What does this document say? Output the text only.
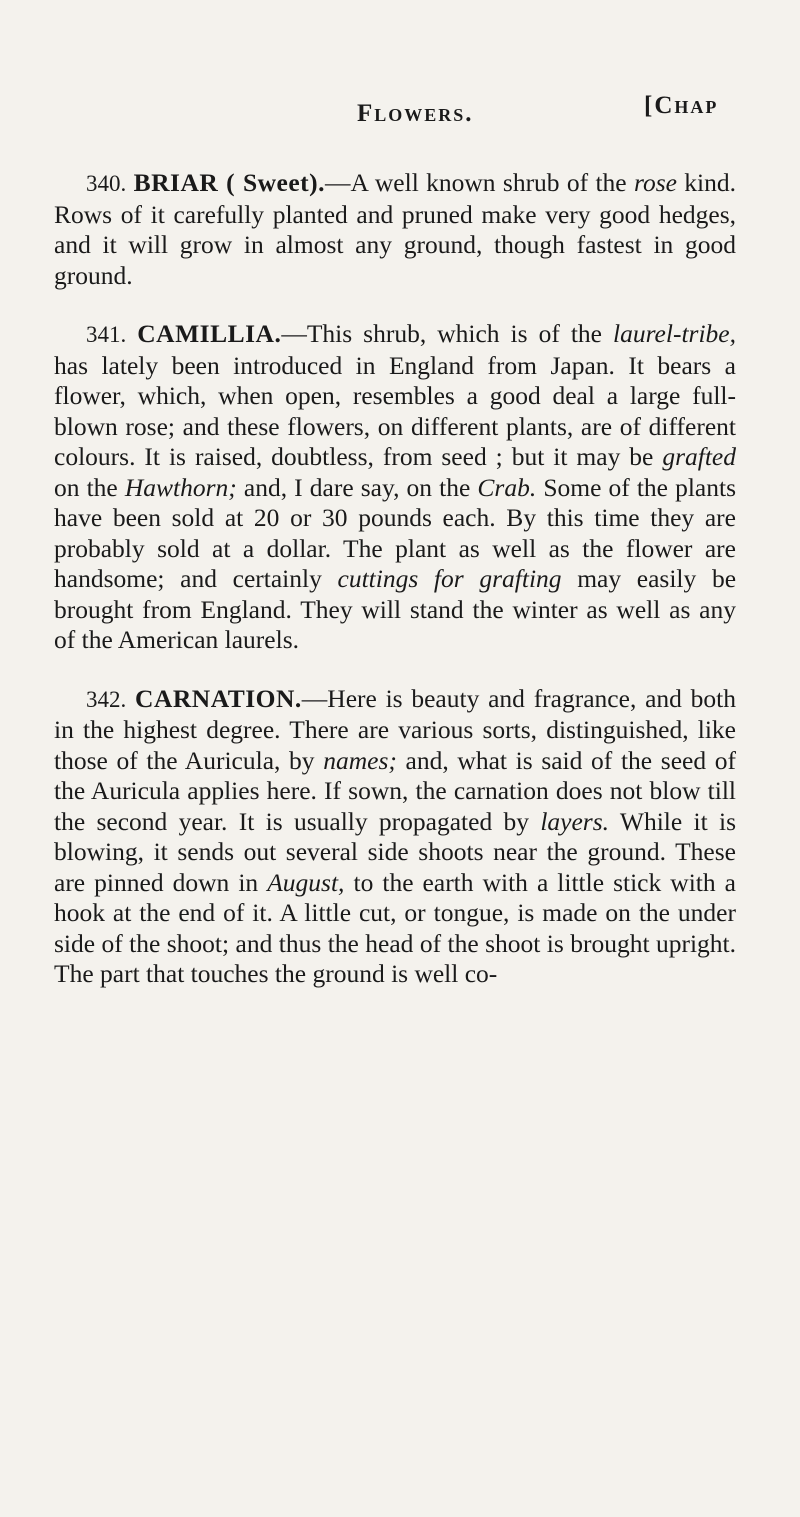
Flowers.	[Chap

340. BRIAR ( Sweet).—A well known shrub of the rose kind. Rows of it carefully planted and pruned make very good hedges, and it will grow in almost any ground, though fastest in good ground.

341. CAMILLIA.—This shrub, which is of the laurel-tribe, has lately been introduced in England from Japan. It bears a flower, which, when open, resembles a good deal a large full-blown rose; and these flowers, on different plants, are of different colours. It is raised, doubtless, from seed ; but it may be grafted on the Hawthorn; and, I dare say, on the Crab. Some of the plants have been sold at 20 or 30 pounds each. By this time they are probably sold at a dollar. The plant as well as the flower are handsome; and certainly cuttings for grafting may easily be brought from England. They will stand the winter as well as any of the American laurels.

342. CARNATION.—Here is beauty and fragrance, and both in the highest degree. There are various sorts, distinguished, like those of the Auricula, by names; and, what is said of the seed of the Auricula applies here. If sown, the carnation does not blow till the second year. It is usually propagated by layers. While it is blowing, it sends out several side shoots near the ground. These are pinned down in August, to the earth with a little stick with a hook at the end of it. A little cut, or tongue, is made on the under side of the shoot; and thus the head of the shoot is brought upright. The part that touches the ground is well co-
